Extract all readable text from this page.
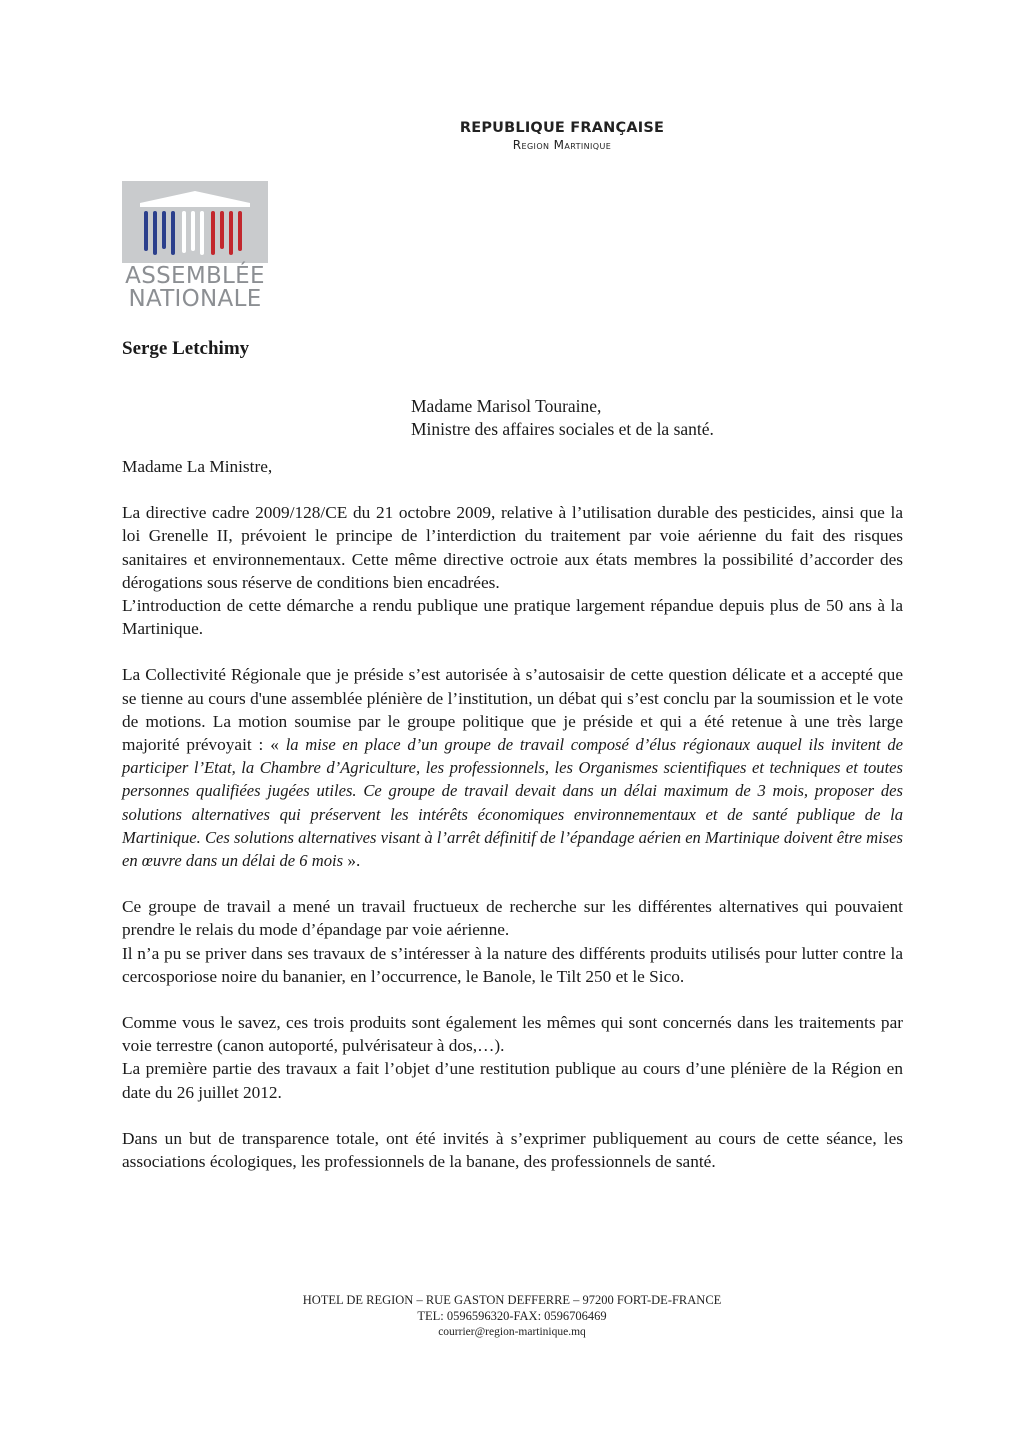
REPUBLIQUE FRANÇAISE
Region Martinique
ASSEMBLÉE
NATIONALE
Serge Letchimy
Madame Marisol Touraine,
Ministre des affaires sociales et de la santé.

Madame La Ministre,

La directive cadre 2009/128/CE du 21 octobre 2009, relative à l’utilisation durable des pesticides, ainsi que la loi Grenelle II, prévoient le principe de l’interdiction du traitement par voie aérienne du fait des risques sanitaires et environnementaux. Cette même directive octroie aux états membres la possibilité d’accorder des dérogations sous réserve de conditions bien encadrées.

L’introduction de cette démarche a rendu publique une pratique largement répandue depuis plus de 50 ans à la Martinique.

La Collectivité Régionale que je préside s’est autorisée à s’autosaisir de cette question délicate et a accepté que se tienne au cours d'une assemblée plénière de l’institution, un débat qui s’est conclu par la soumission et le vote de motions. La motion soumise par le groupe politique que je préside et qui a été retenue à une très large majorité prévoyait : « la mise en place d’un groupe de travail composé d’élus régionaux auquel ils invitent de participer l’Etat, la Chambre d’Agriculture, les professionnels, les Organismes scientifiques et techniques et toutes personnes qualifiées jugées utiles. Ce groupe de travail devait dans un délai maximum de 3 mois, proposer des solutions alternatives qui préservent les intérêts économiques environnementaux et de santé publique de la Martinique. Ces solutions alternatives visant à l’arrêt définitif de l’épandage aérien en Martinique doivent être mises en œuvre dans un délai de 6 mois ».

Ce groupe de travail a mené un travail fructueux de recherche sur les différentes alternatives qui pouvaient prendre le relais du mode d’épandage par voie aérienne.

Il n’a pu se priver dans ses travaux de s’intéresser à la nature des différents produits utilisés pour lutter contre la cercosporiose noire du bananier, en l’occurrence, le Banole, le Tilt 250 et le Sico.

Comme vous le savez, ces trois produits sont également les mêmes qui sont concernés dans les traitements par voie terrestre (canon autoporté, pulvérisateur à dos,…).

La première partie des travaux a fait l’objet d’une restitution publique au cours d’une plénière de la Région en date du 26 juillet 2012.

Dans un but de transparence totale, ont été invités à s’exprimer publiquement au cours de cette séance, les associations écologiques, les professionnels de la banane, des professionnels de santé.

HOTEL DE REGION – RUE GASTON DEFFERRE – 97200 FORT-DE-FRANCE
TEL: 0596596320-FAX: 0596706469
courrier@region-martinique.mq
